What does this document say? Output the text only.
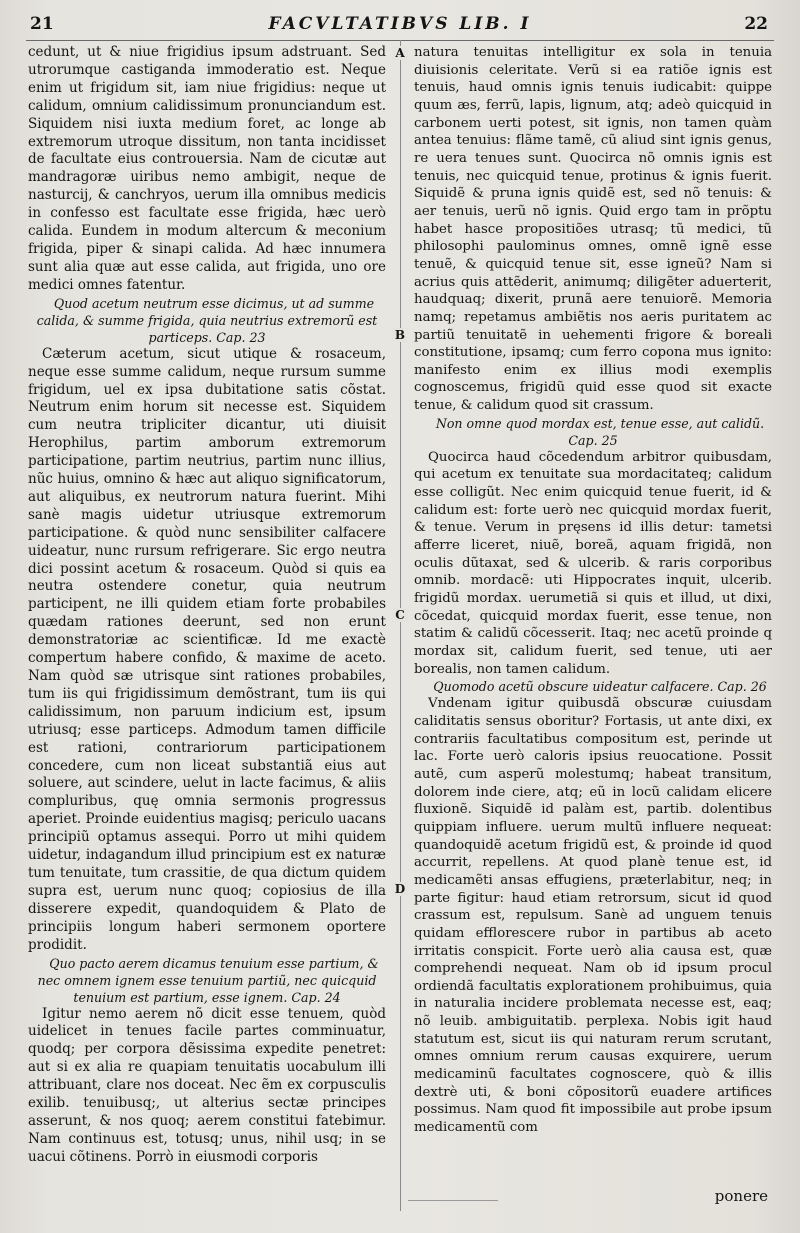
21	FACVLTATIBVS LIB. I	22
A
B
C
D

cedunt, ut & niue frigidius ipsum adstruant. Sed utrorumque castiganda immoderatio est. Neque enim ut frigidum sit, iam niue frigidius: neque ut calidum, omnium calidissimum pronunciandum est. Siquidem nisi iuxta medium foret, ac longe ab extremorum utroque dissitum, non tanta incidisset de facultate eius controuersia. Nam de cicutæ aut mandragoræ uiribus nemo ambigit, neque de nasturcij, & canchryos, uerum illa omnibus medicis in confesso est facultate esse frigida, hæc uerò calida. Eundem in modum altercum & meconium frigida, piper & sinapi calida. Ad hæc innumera sunt alia quæ aut esse calida, aut frigida, uno ore medici omnes fatentur.

Quod acetum neutrum esse dicimus, ut ad summe calida, & summe frigida, quia neutrius extremorũ est particeps. Cap. 23

Cæterum acetum, sicut utique & rosaceum, neque esse summe calidum, neque rursum summe frigidum, uel ex ipsa dubitatione satis cõstat. Neutrum enim horum sit necesse est. Siquidem cum neutra tripliciter dicantur, uti diuisit Herophilus, partim amborum extremorum participatione, partim neutrius, partim nunc illius, nũc huius, omnino & hæc aut aliquo significatorum, aut aliquibus, ex neutrorum natura fuerint. Mihi sanè magis uidetur utriusque extremorum participatione. & quòd nunc sensibiliter calfacere uideatur, nunc rursum refrigerare. Sic ergo neutra dici possint acetum & rosaceum. Quòd si quis ea neutra ostendere conetur, quia neutrum participent, ne illi quidem etiam forte probabiles quædam rationes deerunt, sed non erunt demonstratoriæ ac scientificæ. Id me exactè compertum habere confido, & maxime de aceto. Nam quòd sæ utrisque sint rationes probabiles, tum iis qui frigidissimum demõstrant, tum iis qui calidissimum, non paruum indicium est, ipsum utriusq; esse particeps. Admodum tamen difficile est rationi, contrariorum participationem concedere, cum non liceat substantiã eius aut soluere, aut scindere, uelut in lacte facimus, & aliis compluribus, quę omnia sermonis progressus aperiet. Proinde euidentius magisq; periculo uacans principiũ optamus assequi. Porro ut mihi quidem uidetur, indagandum illud principium est ex naturæ tum tenuitate, tum crassitie, de qua dictum quidem supra est, uerum nunc quoq; copiosius de illa disserere expedit, quandoquidem & Plato de principiis longum haberi sermonem oportere prodidit.

Quo pacto aerem dicamus tenuium esse partium, & nec omnem ignem esse tenuium partiũ, nec quicquid tenuium est partium, esse ignem. Cap. 24

Igitur nemo aerem nõ dicit esse tenuem, quòd uidelicet in tenues facile partes comminuatur, quodq; per corpora dẽsissima expedite penetret: aut si ex alia re quapiam tenuitatis uocabulum illi attribuant, clare nos doceat. Nec ẽm ex corpusculis exilib. tenuibusq;, ut alterius sectæ principes asserunt, & nos quoq; aerem constitui fatebimur. Nam continuus est, totusq; unus, nihil usq; in se uacui cõtinens. Porrò in eiusmodi corporis

natura tenuitas intelligitur ex sola in tenuia diuisionis celeritate. Verũ si ea ratiõe ignis est tenuis, haud omnis ignis tenuis iudicabit: quippe quum æs, ferrũ, lapis, lignum, atq; adeò quicquid in carbonem uerti potest, sit ignis, non tamen quàm antea tenuius: flãme tamẽ, cũ aliud sint ignis genus, re uera tenues sunt. Quocirca nõ omnis ignis est tenuis, nec quicquid tenue, protinus & ignis fuerit. Siquidẽ & pruna ignis quidẽ est, sed nõ tenuis: & aer tenuis, uerũ nõ ignis. Quid ergo tam in prõptu habet hasce propositiões utrasq; tũ medici, tũ philosophi paulominus omnes, omnẽ ignẽ esse tenuẽ, & quicquid tenue sit, esse igneũ? Nam si acrius quis attẽderit, animumq; diligẽter aduerterit, haudquaq; dixerit, prunã aere tenuiorẽ. Memoria namq; repetamus ambiẽtis nos aeris puritatem ac partiũ tenuitatẽ in uehementi frigore & boreali constitutione, ipsamq; cum ferro copona mus ignito: manifesto enim ex illius modi exemplis cognoscemus, frigidũ quid esse quod sit exacte tenue, & calidum quod sit crassum.

Non omne quod mordax est, tenue esse, aut calidũ. Cap. 25

Quocirca haud cõcedendum arbitror quibusdam, qui acetum ex tenuitate sua mordacitateq; calidum esse colligũt. Nec enim quicquid tenue fuerit, id & calidum est: forte uerò nec quicquid mordax fuerit, & tenue. Verum in pręsens id illis detur: tametsi afferre liceret, niuẽ, boreã, aquam frigidã, non oculis dũtaxat, sed & ulcerib. & raris corporibus omnib. mordacẽ: uti Hippocrates inquit, ulcerib. frigidũ mordax. uerumetiã si quis et illud, ut dixi, cõcedat, quicquid mordax fuerit, esse tenue, non statim & calidũ cõcesserit. Itaq; nec acetũ proinde q mordax sit, calidum fuerit, sed tenue, uti aer borealis, non tamen calidum.

Quomodo acetũ obscure uideatur calfacere. Cap. 26

Vndenam igitur quibusdã obscuræ cuiusdam caliditatis sensus oboritur? Fortasis, ut ante dixi, ex contrariis facultatibus compositum est, perinde ut lac. Forte uerò caloris ipsius reuocatione. Possit autẽ, cum asperũ molestumq; habeat transitum, dolorem inde ciere, atq; eũ in locũ calidam elicere fluxionẽ. Siquidẽ id palàm est, partib. dolentibus quippiam influere. uerum multũ influere nequeat: quandoquidẽ acetum frigidũ est, & proinde id quod accurrit, repellens. At quod planè tenue est, id medicamẽti ansas effugiens, præterlabitur, neq; in parte figitur: haud etiam retrorsum, sicut id quod crassum est, repulsum. Sanè ad unguem tenuis quidam efflorescere rubor in partibus ab aceto irritatis conspicit. Forte uerò alia causa est, quæ comprehendi nequeat. Nam ob id ipsum procul ordiendã facultatis explorationem prohibuimus, quia in naturalia incidere problemata necesse est, eaq; nõ leuib. ambiguitatib. perplexa. Nobis igit haud statutum est, sicut iis qui naturam rerum scrutant, omnes omnium rerum causas exquirere, uerum medicaminũ facultates cognoscere, quò & illis dextrè uti, & boni cõpositorũ euadere artifices possimus. Nam quod fit impossibile aut probe ipsum medicamentũ com

ponere
